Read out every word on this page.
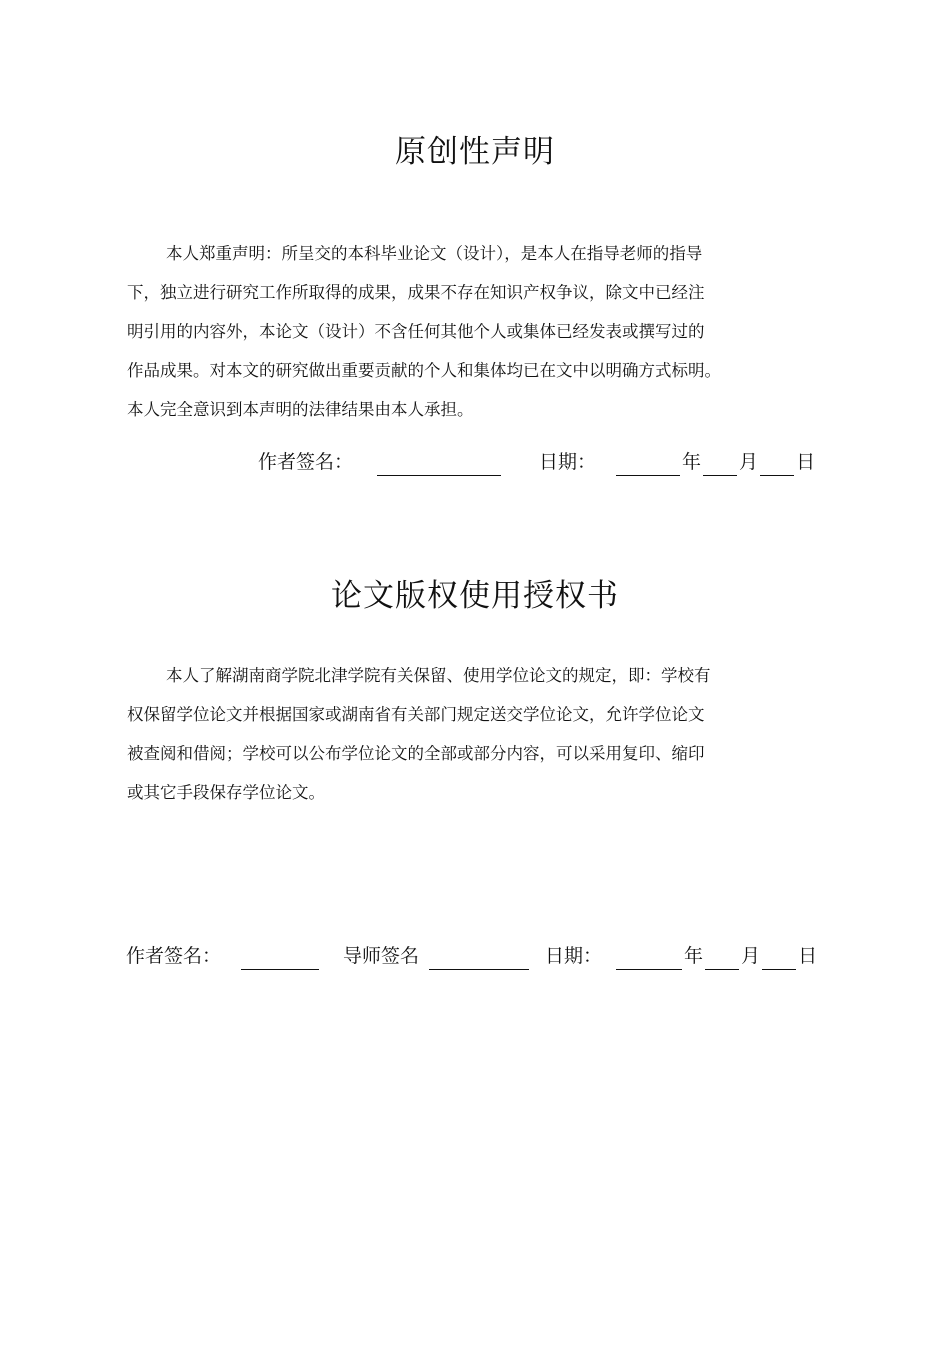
原创性声明
本人郑重声明：所呈交的本科毕业论文（设计），是本人在指导老师的指导
下，独立进行研究工作所取得的成果，成果不存在知识产权争议，除文中已经注
明引用的内容外，本论文（设计）不含任何其他个人或集体已经发表或撰写过的
作品成果。对本文的研究做出重要贡献的个人和集体均已在文中以明确方式标明。
本人完全意识到本声明的法律结果由本人承担。
作者签名：	日期：	年 月 日
论文版权使用授权书
本人了解湖南商学院北津学院有关保留、使用学位论文的规定，即：学校有
权保留学位论文并根据国家或湖南省有关部门规定送交学位论文，允许学位论文
被查阅和借阅；学校可以公布学位论文的全部或部分内容，可以采用复印、缩印
或其它手段保存学位论文。
作者签名：	导师签名	日期：	年 月 日
